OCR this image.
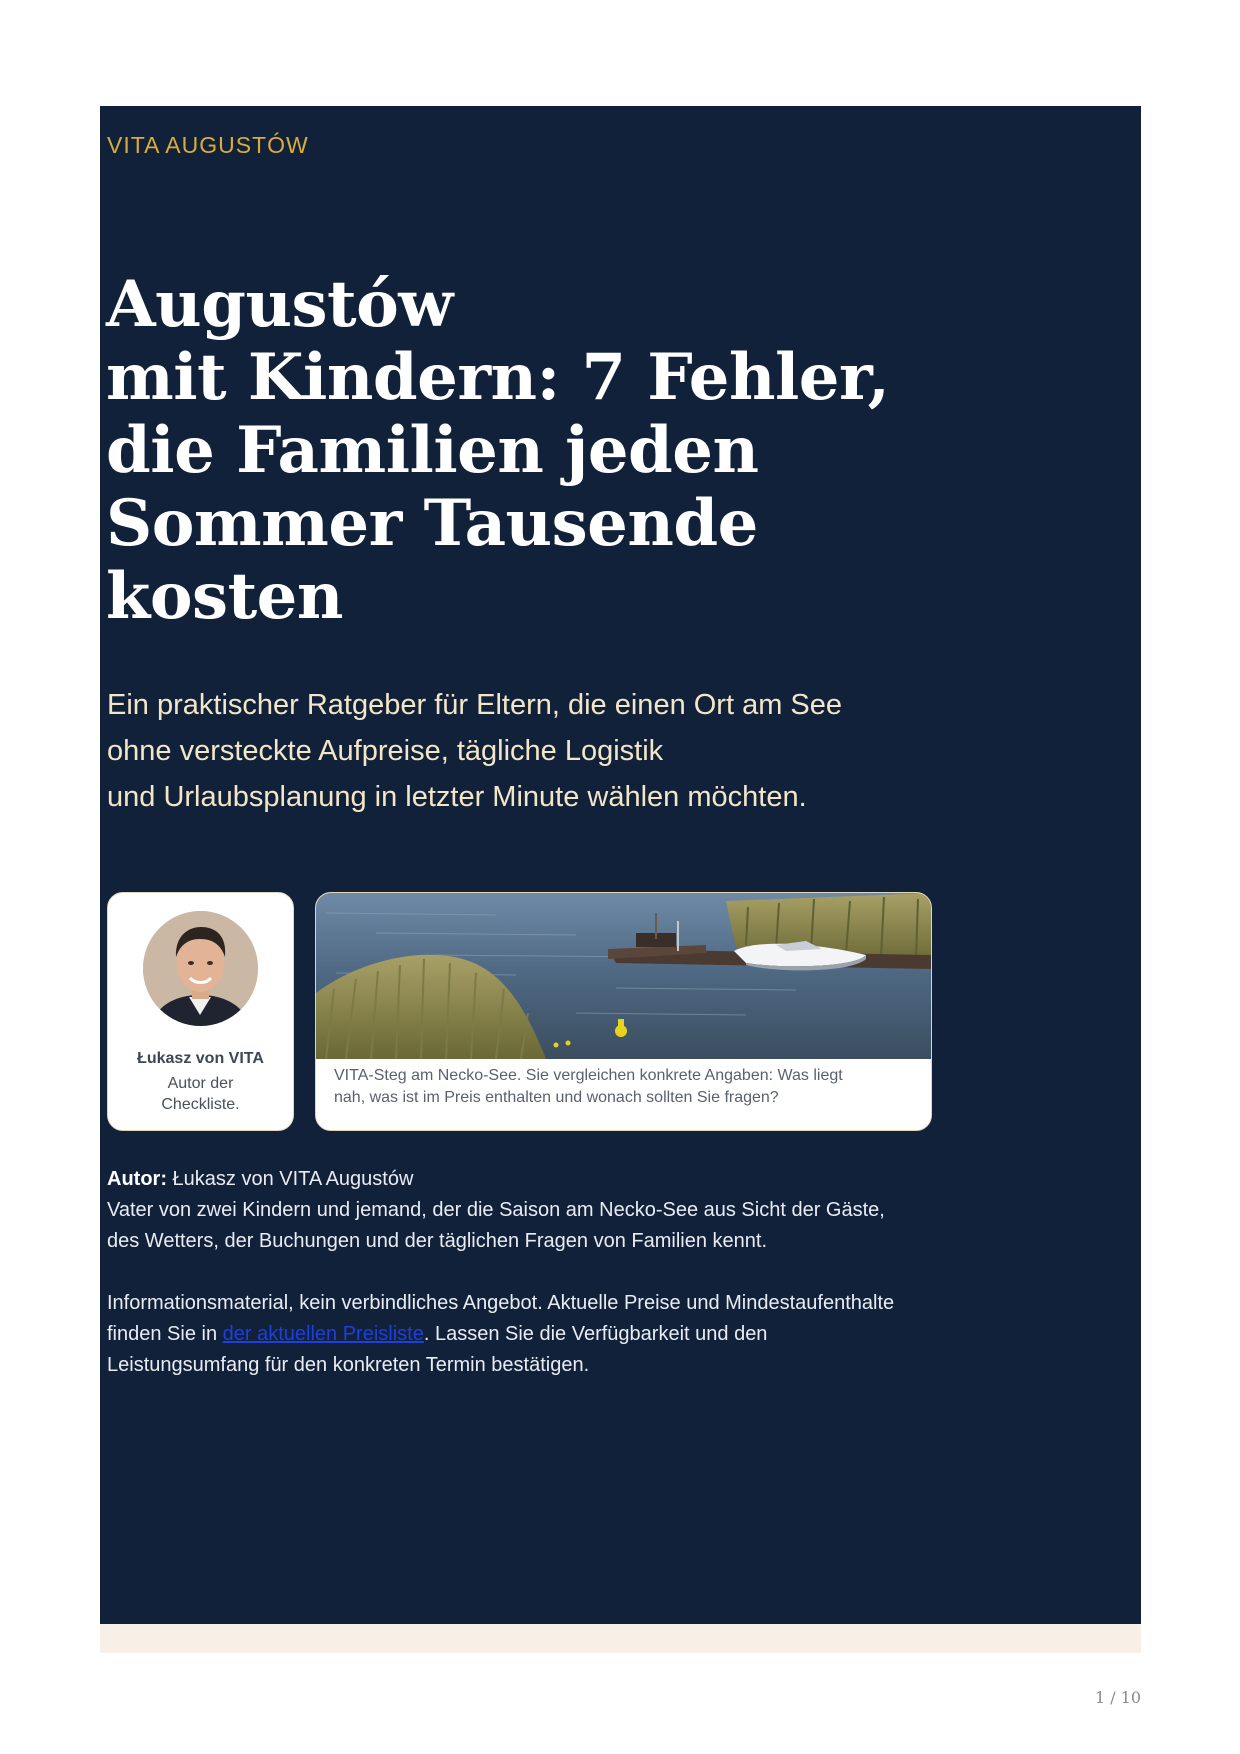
VITA AUGUSTÓW
Augustów
mit Kindern: 7 Fehler,
die Familien jeden
Sommer Tausende
kosten
Ein praktischer Ratgeber für Eltern, die einen Ort am See
ohne versteckte Aufpreise, tägliche Logistik
und Urlaubsplanung in letzter Minute wählen möchten.
Łukasz von VITA
Autor der
Checkliste.
VITA-Steg am Necko-See. Sie vergleichen konkrete Angaben: Was liegt
nah, was ist im Preis enthalten und wonach sollten Sie fragen?
Autor: Łukasz von VITA Augustów
Vater von zwei Kindern und jemand, der die Saison am Necko-See aus Sicht der Gäste,
des Wetters, der Buchungen und der täglichen Fragen von Familien kennt.
Informationsmaterial, kein verbindliches Angebot. Aktuelle Preise und Mindestaufenthalte
finden Sie in der aktuellen Preisliste. Lassen Sie die Verfügbarkeit und den
Leistungsumfang für den konkreten Termin bestätigen.
1 / 10
